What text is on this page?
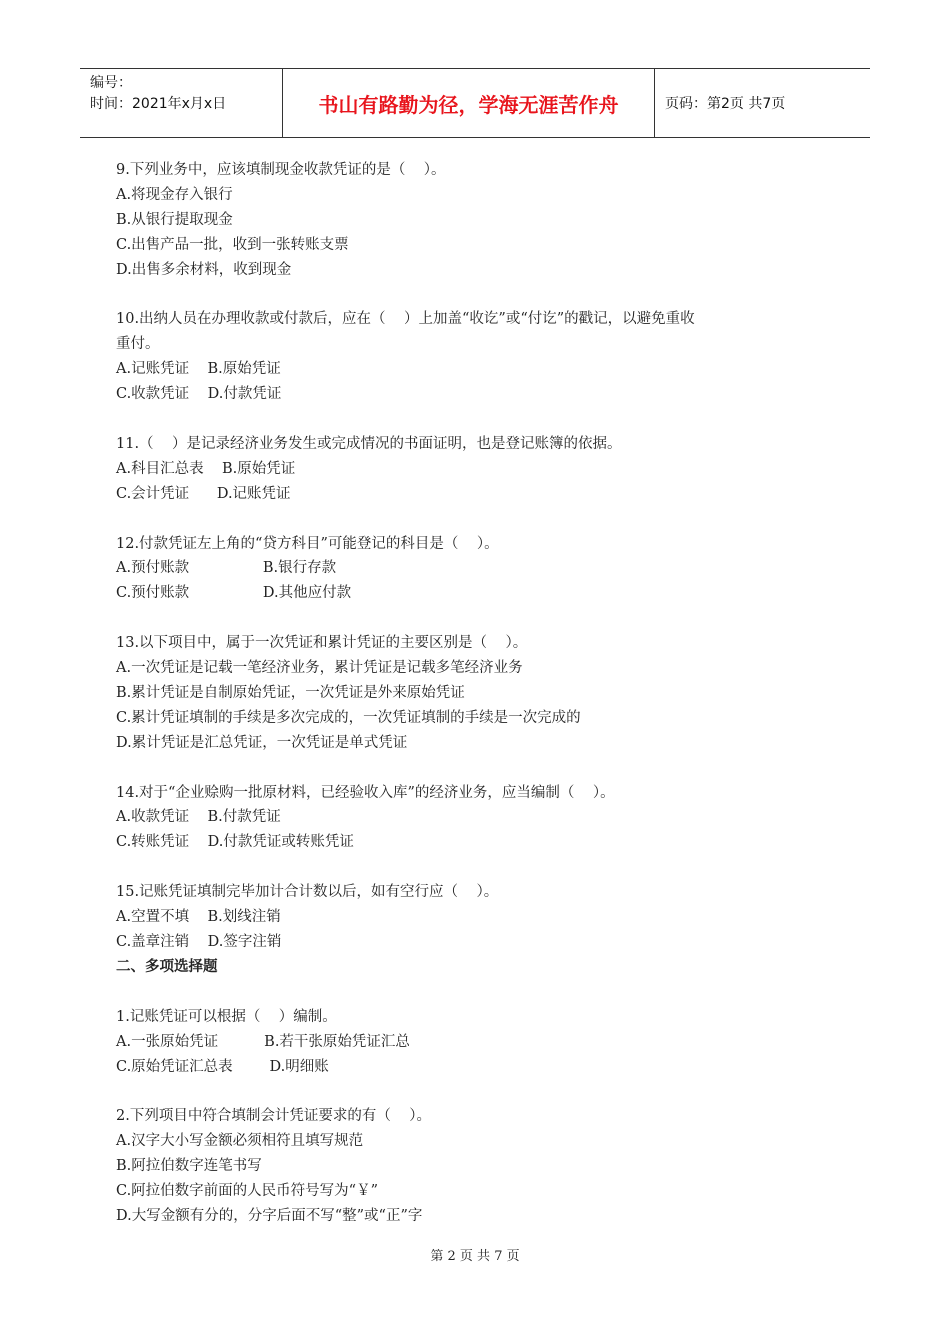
编号：
时间：2021年x月x日	书山有路勤为径，学海无涯苦作舟	页码：第2页 共7页
9.下列业务中，应该填制现金收款凭证的是（    ）。
A.将现金存入银行
B.从银行提取现金
C.出售产品一批，收到一张转账支票
D.出售多余材料，收到现金
10.出纳人员在办理收款或付款后，应在（    ）上加盖“收讫”或“付讫”的戳记，以避免重收
重付。
A.记账凭证    B.原始凭证
C.收款凭证    D.付款凭证
11.（    ）是记录经济业务发生或完成情况的书面证明，也是登记账簿的依据。
A.科目汇总表    B.原始凭证
C.会计凭证      D.记账凭证
12.付款凭证左上角的“贷方科目”可能登记的科目是（    ）。
A.预付账款                B.银行存款
C.预付账款                D.其他应付款
13.以下项目中，属于一次凭证和累计凭证的主要区别是（    ）。
A.一次凭证是记载一笔经济业务，累计凭证是记载多笔经济业务
B.累计凭证是自制原始凭证，一次凭证是外来原始凭证
C.累计凭证填制的手续是多次完成的，一次凭证填制的手续是一次完成的
D.累计凭证是汇总凭证，一次凭证是单式凭证
14.对于“企业赊购一批原材料，已经验收入库”的经济业务，应当编制（    ）。
A.收款凭证    B.付款凭证
C.转账凭证    D.付款凭证或转账凭证
15.记账凭证填制完毕加计合计数以后，如有空行应（    ）。
A.空置不填    B.划线注销
C.盖章注销    D.签字注销
二、多项选择题
1.记账凭证可以根据（    ）编制。
A.一张原始凭证          B.若干张原始凭证汇总
C.原始凭证汇总表        D.明细账
2.下列项目中符合填制会计凭证要求的有（    ）。
A.汉字大小写金额必须相符且填写规范
B.阿拉伯数字连笔书写
C.阿拉伯数字前面的人民币符号写为“￥”
D.大写金额有分的，分字后面不写“整”或“正”字
第 2 页 共 7 页
